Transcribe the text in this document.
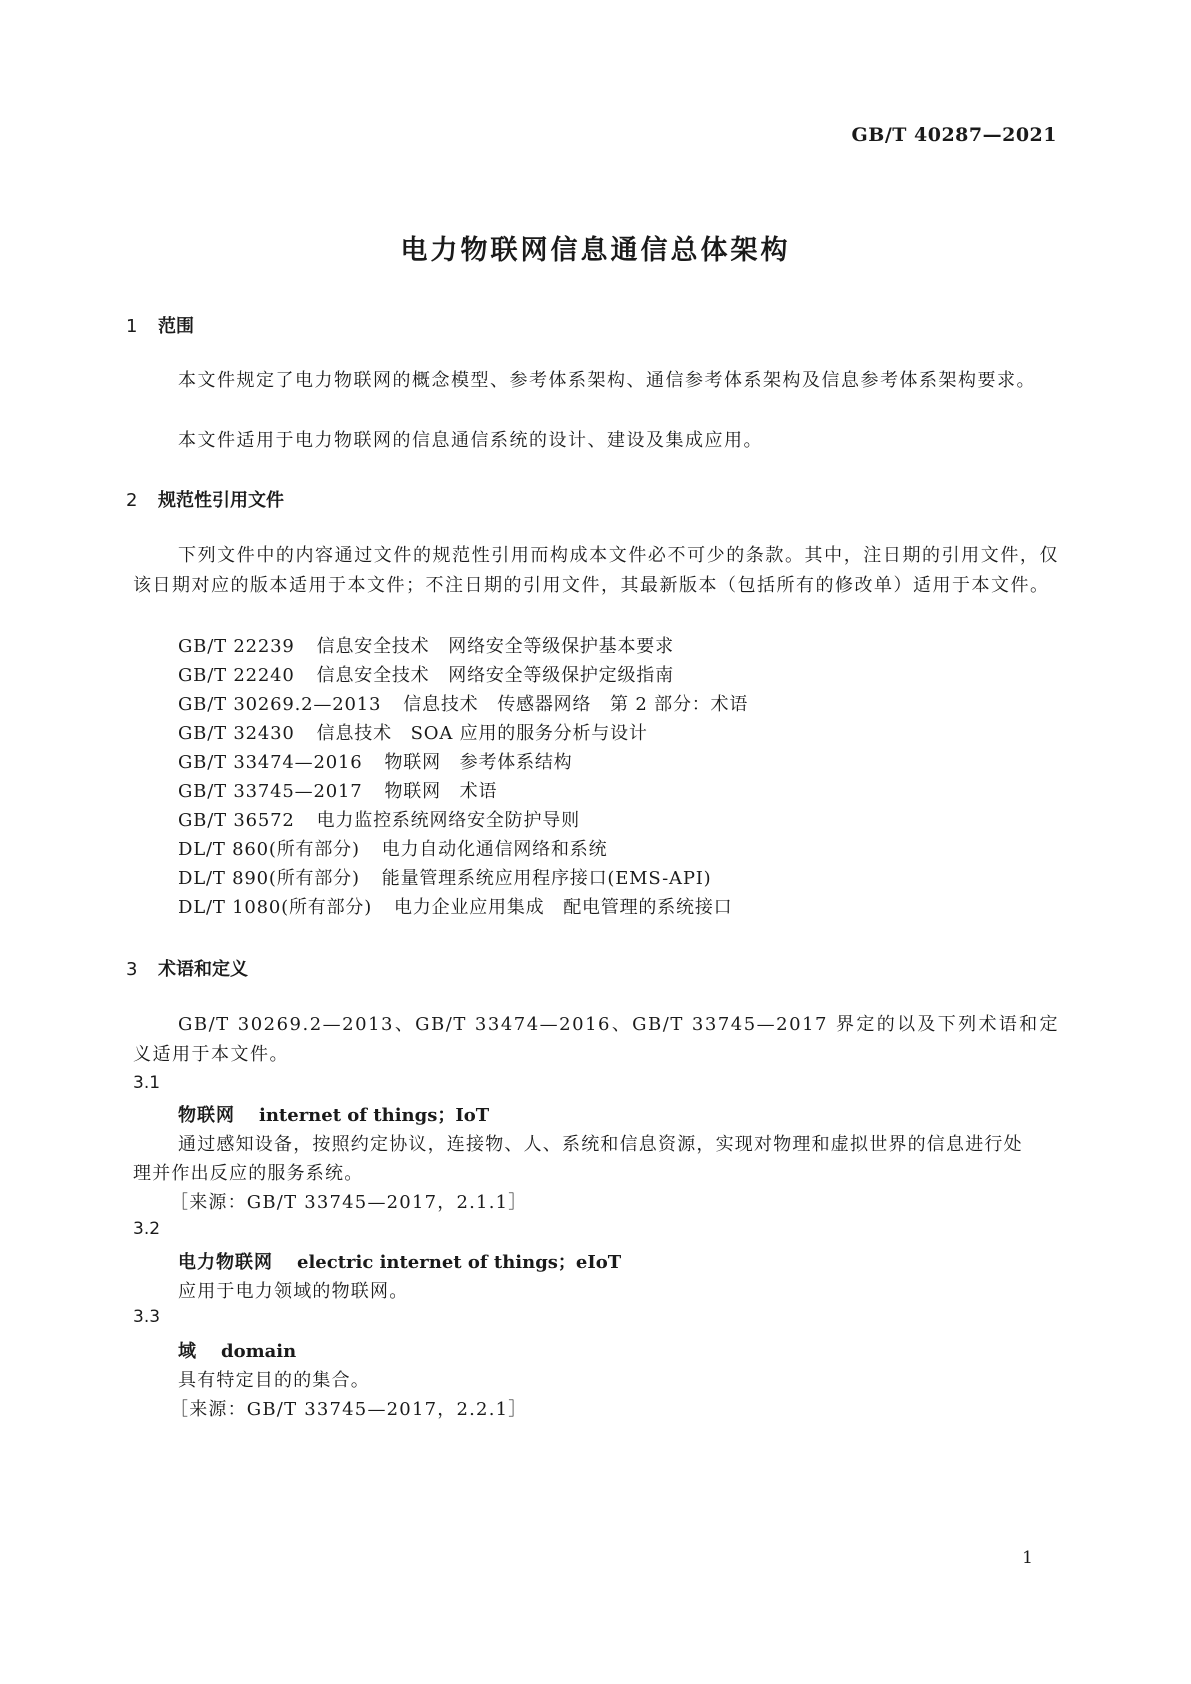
GB/T 40287—2021
电力物联网信息通信总体架构
1 范围
本文件规定了电力物联网的概念模型、参考体系架构、通信参考体系架构及信息参考体系架构要求。
本文件适用于电力物联网的信息通信系统的设计、建设及集成应用。
2 规范性引用文件
下列文件中的内容通过文件的规范性引用而构成本文件必不可少的条款。其中，注日期的引用文件，仅该日期对应的版本适用于本文件；不注日期的引用文件，其最新版本（包括所有的修改单）适用于本文件。
GB/T 22239 信息安全技术　网络安全等级保护基本要求
GB/T 22240 信息安全技术　网络安全等级保护定级指南
GB/T 30269.2—2013 信息技术　传感器网络　第 2 部分：术语
GB/T 32430 信息技术　SOA 应用的服务分析与设计
GB/T 33474—2016 物联网　参考体系结构
GB/T 33745—2017 物联网　术语
GB/T 36572 电力监控系统网络安全防护导则
DL/T 860(所有部分) 电力自动化通信网络和系统
DL/T 890(所有部分) 能量管理系统应用程序接口(EMS-API)
DL/T 1080(所有部分) 电力企业应用集成　配电管理的系统接口
3 术语和定义
GB/T 30269.2—2013、GB/T 33474—2016、GB/T 33745—2017 界定的以及下列术语和定义适用于本文件。
3.1
物联网 internet of things；IoT
通过感知设备，按照约定协议，连接物、人、系统和信息资源，实现对物理和虚拟世界的信息进行处
理并作出反应的服务系统。
［来源：GB/T 33745—2017，2.1.1］
3.2
电力物联网 electric internet of things；eIoT
应用于电力领域的物联网。
3.3
域 domain
具有特定目的的集合。
［来源：GB/T 33745—2017，2.2.1］
1
